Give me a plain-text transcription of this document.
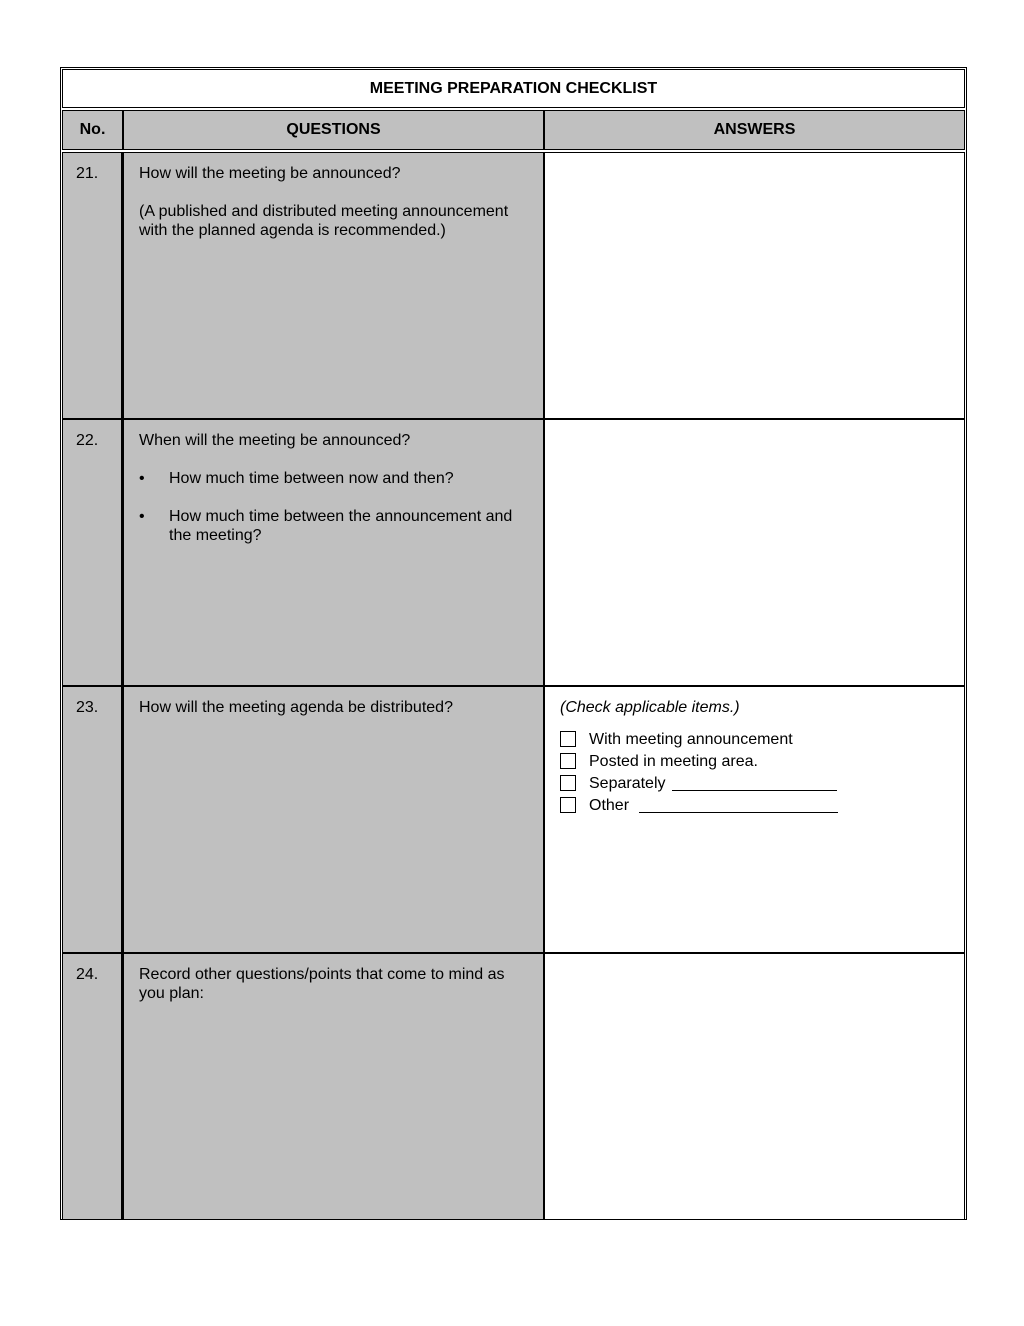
MEETING PREPARATION CHECKLIST
No.	QUESTIONS	ANSWERS
21.	How will the meeting be announced?

(A published and distributed meeting announcement with the planned agenda is recommended.)

22.	When will the meeting be announced?

•	How much time between now and then?
•	How much time between the announcement and the meeting?
23.	How will the meeting agenda be distributed?	(Check applicable items.)

With meeting announcement
Posted in meeting area.
Separately
Other
24.	Record other questions/points that come to mind as you plan:
